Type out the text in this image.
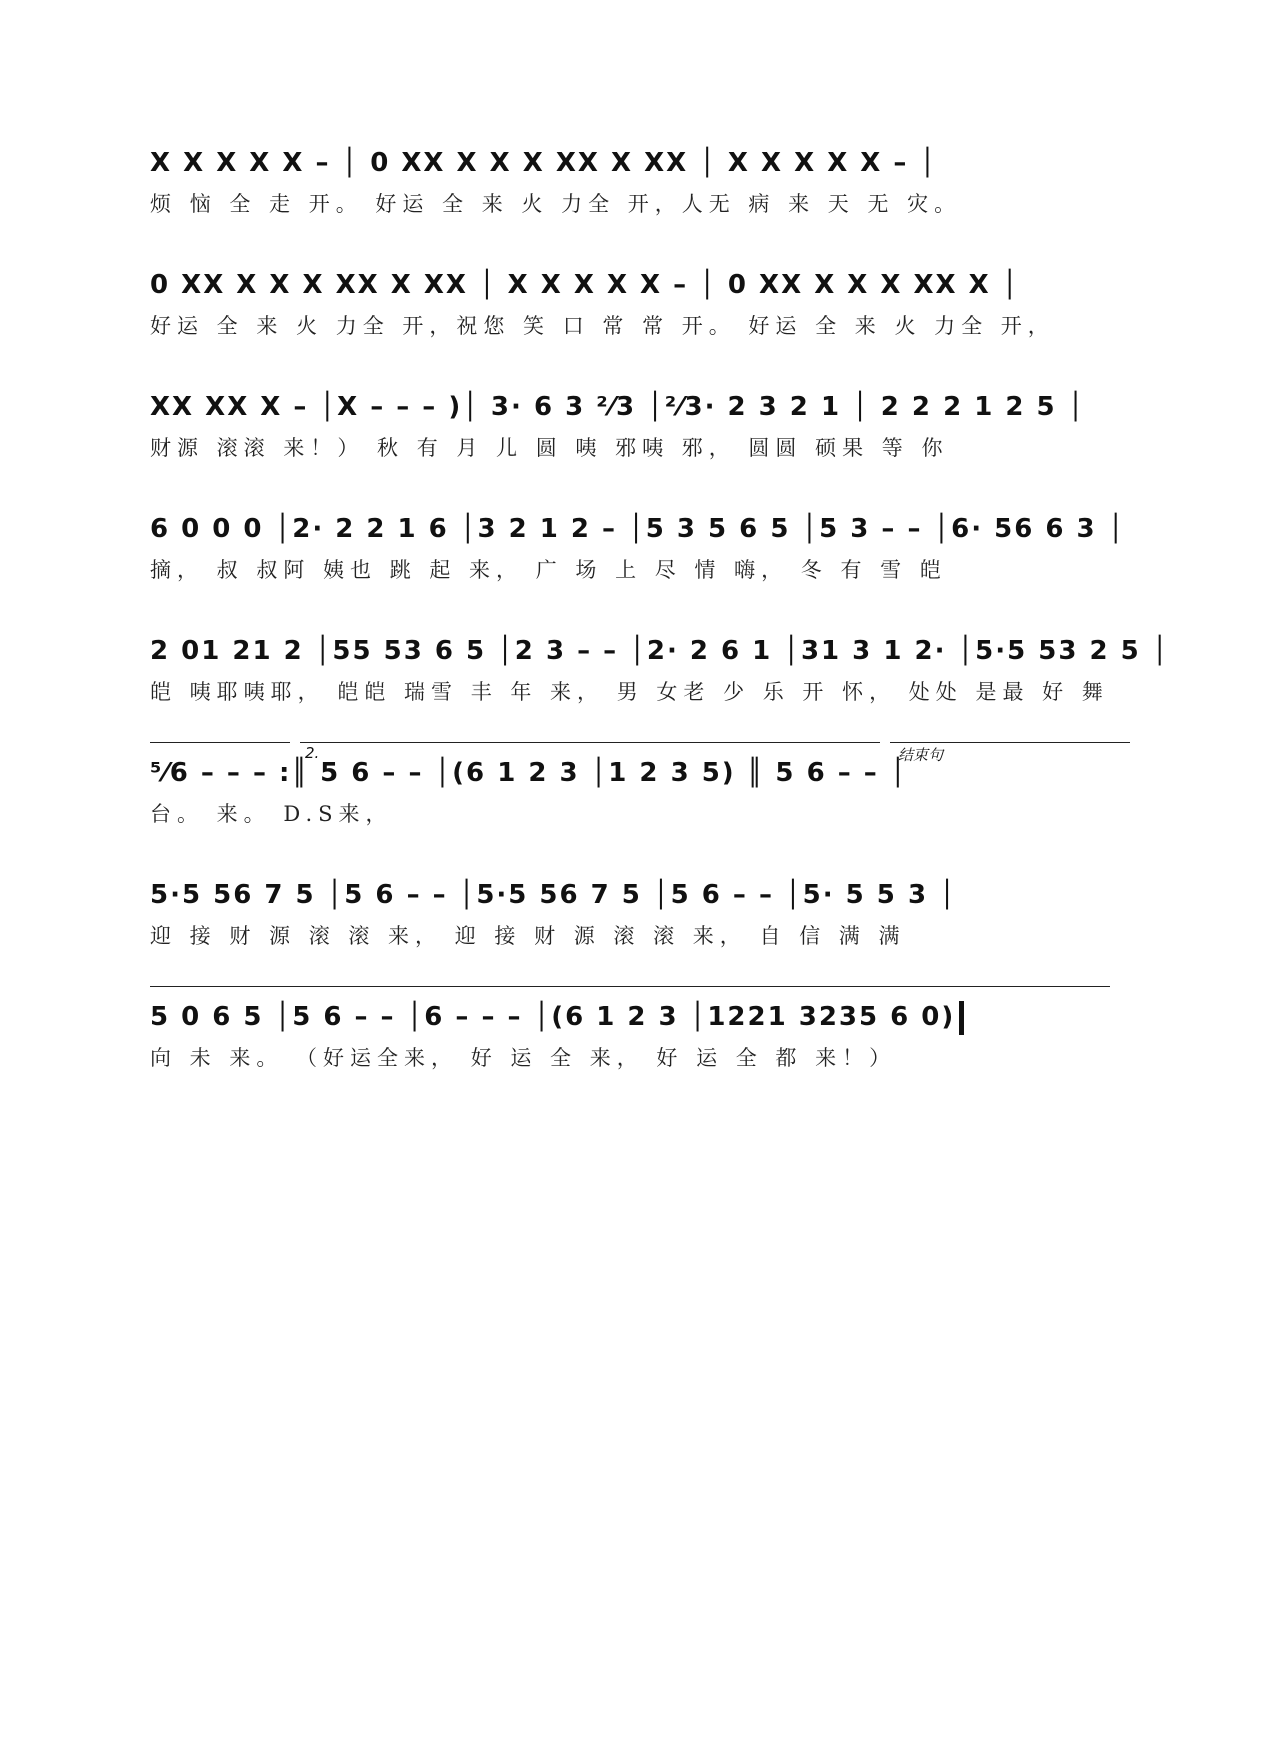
X X X X X – │ 0 XX X X X XX X XX │ X X X X X – │
烦 恼 全 走 开。 好运 全 来 火 力全 开，人无 病 来 天 无 灾。
0 XX X X X XX X XX │ X X X X X – │ 0 XX X X X XX X │
好运 全 来 火 力全 开，祝您 笑 口 常 常 开。 好运 全 来 火 力全 开，
XX XX X – │X – – – )│ 3· 6 3 ²⁄3 │²⁄3· 2 3 2 1 │ 2 2 2 1 2 5 │
财源 滚滚 来！） 秋 有 月 儿 圆 咦 邪咦 邪， 圆圆 硕果 等 你
6 0 0 0 │2· 2 2 1 6 │3 2 1 2 – │5 3 5 6 5 │5 3 – – │6· 56 6 3 │
摘， 叔 叔阿 姨也 跳 起 来， 广 场 上 尽 情 嗨， 冬 有 雪 皑
2 01 21 2 │55 53 6 5 │2 3 – – │2· 2 6 1 │31 3 1 2· │5·5 53 2 5 │
皑 咦耶咦耶， 皑皑 瑞雪 丰 年 来， 男 女老 少 乐 开 怀， 处处 是最 好 舞
2.	结束句
⁵⁄6 – – – :║ 5 6 – – │(6 1 2 3 │1 2 3 5) ║ 5 6 – – │
台。 来。 D.S来，
5·5 56 7 5 │5 6 – – │5·5 56 7 5 │5 6 – – │5· 5 5 3 │
迎 接 财 源 滚 滚 来， 迎 接 财 源 滚 滚 来， 自 信 满 满
5 0 6 5 │5 6 – – │6 – – – │(6 1 2 3 │1221 3235 6 0)
向 未 来。 （好运全来， 好 运 全 来， 好 运 全 都 来！）
